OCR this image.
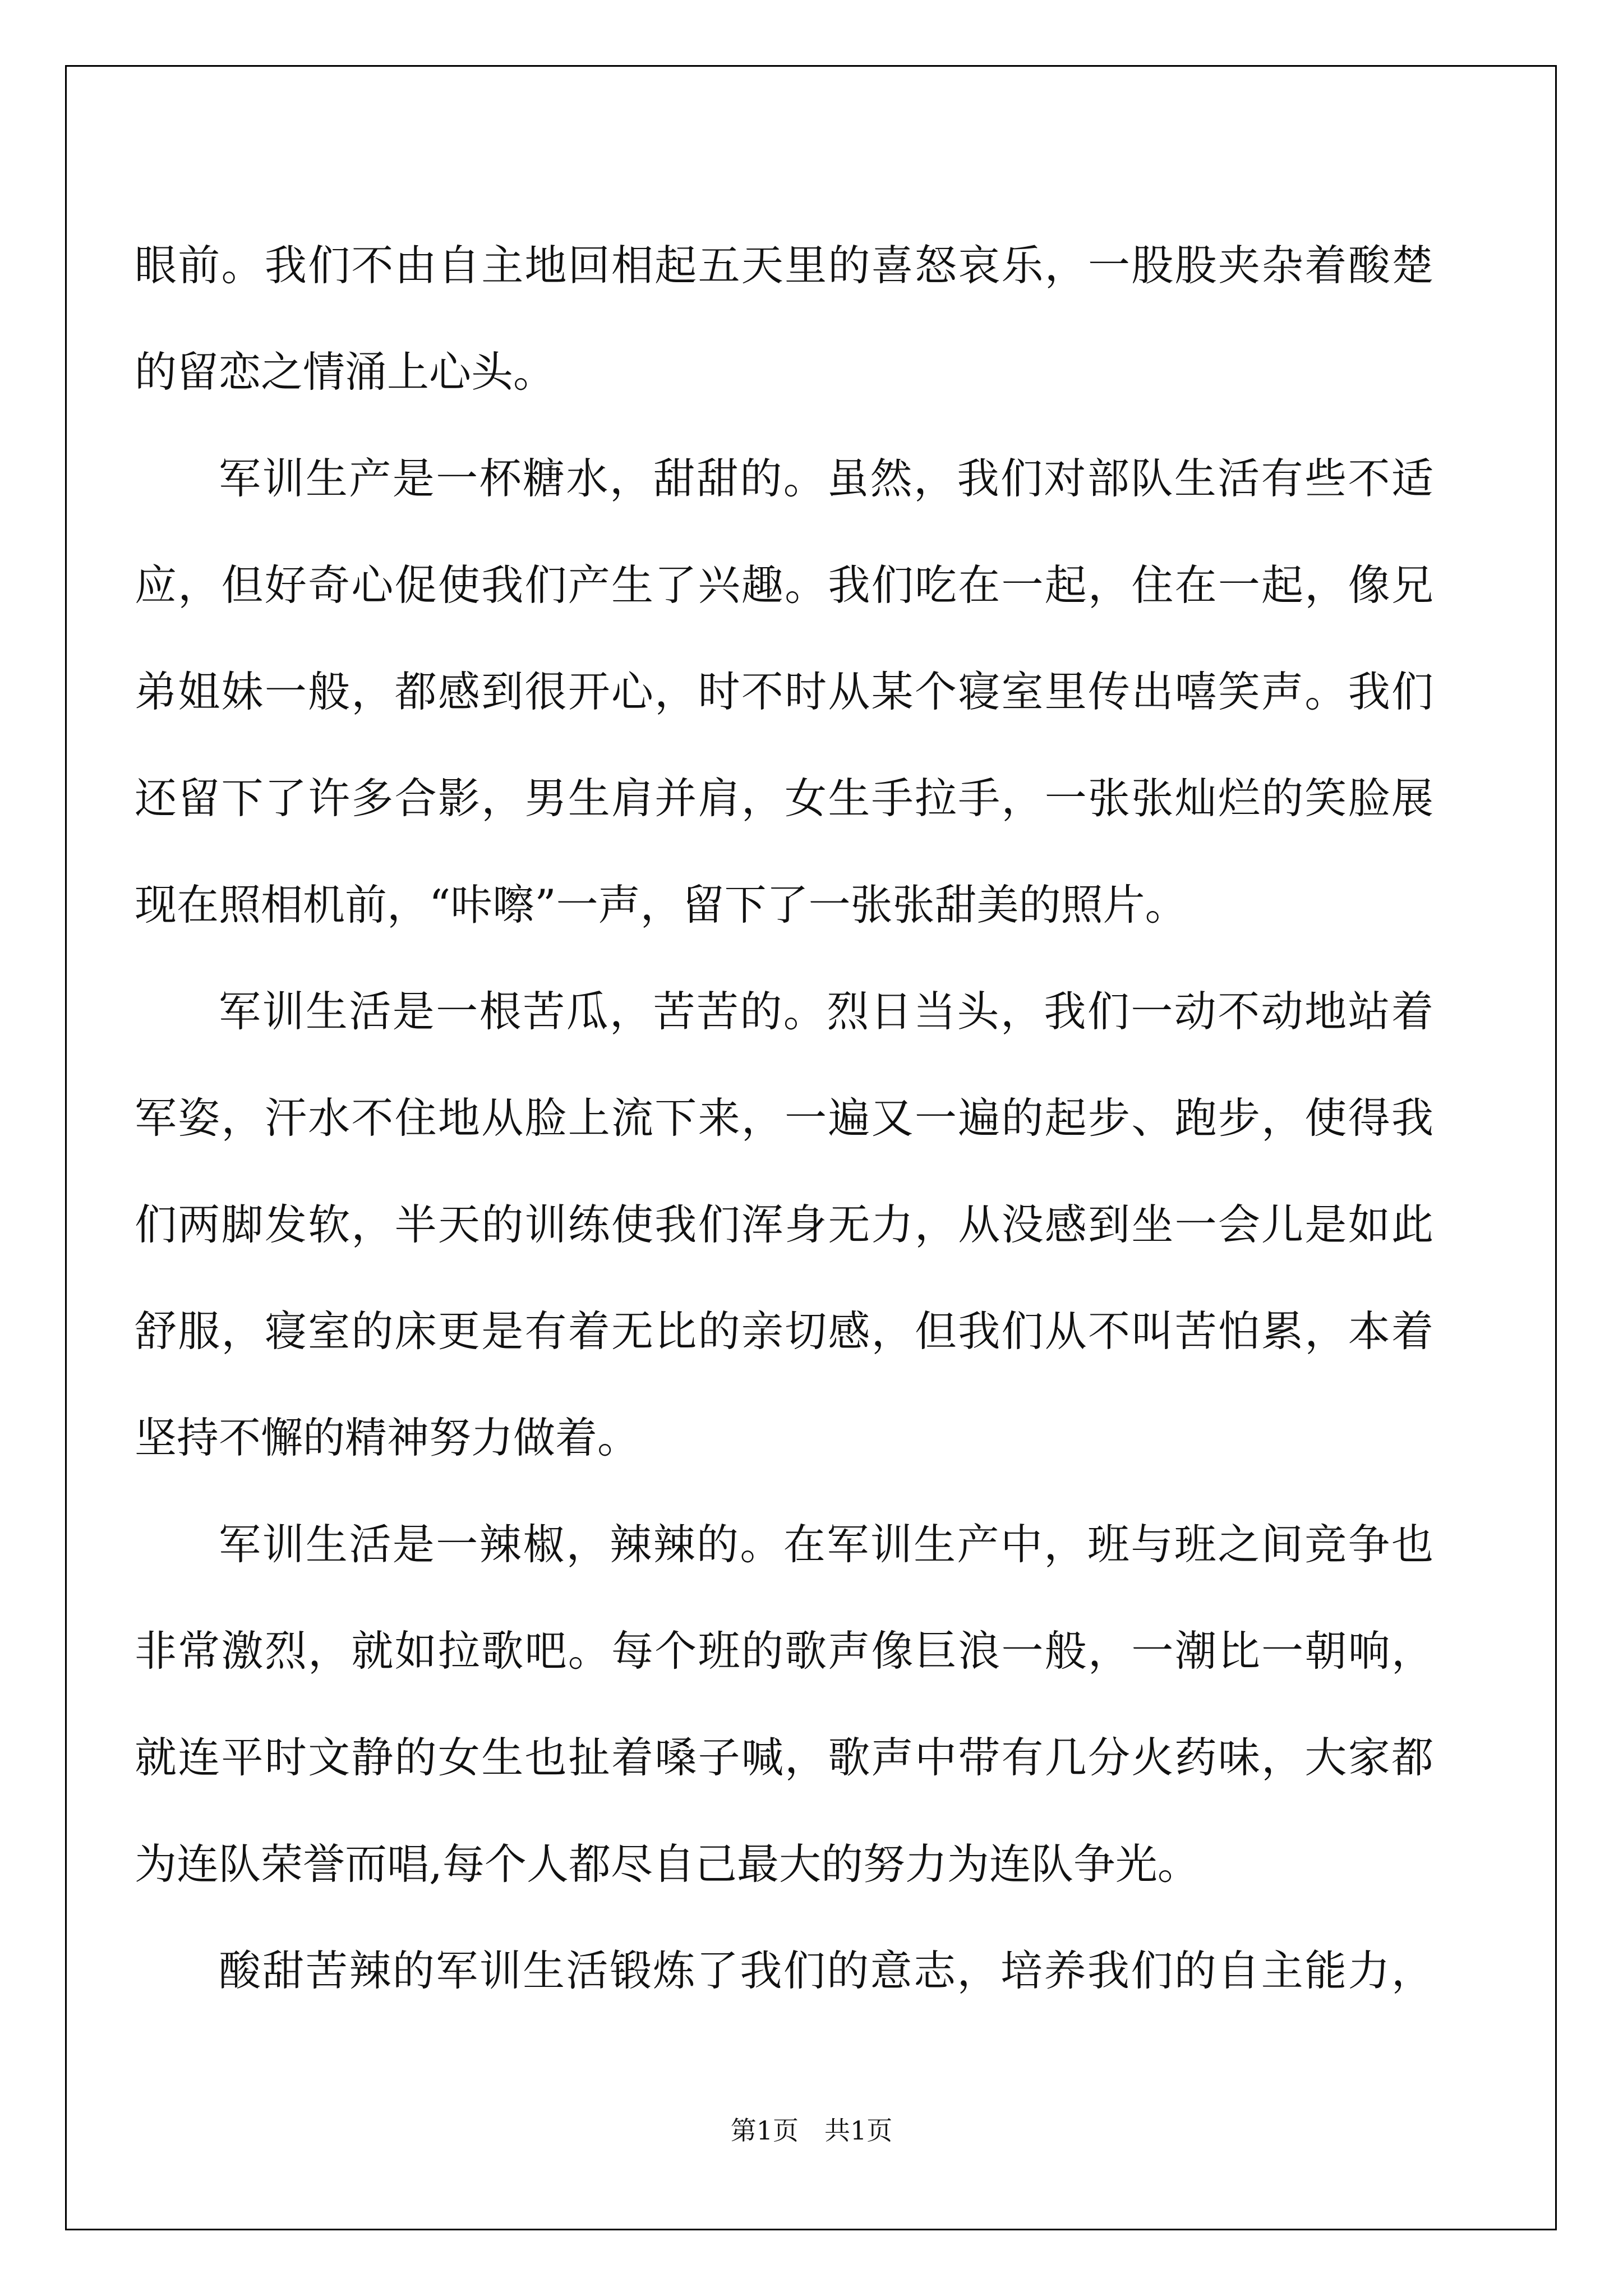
眼前。我们不由自主地回相起五天里的喜怒哀乐，一股股夹杂着酸楚
的留恋之情涌上心头。
军训生产是一杯糖水，甜甜的。虽然，我们对部队生活有些不适
应，但好奇心促使我们产生了兴趣。我们吃在一起，住在一起，像兄
弟姐妹一般，都感到很开心，时不时从某个寝室里传出嘻笑声。我们
还留下了许多合影，男生肩并肩，女生手拉手，一张张灿烂的笑脸展
现在照相机前，“咔嚓”一声，留下了一张张甜美的照片。
军训生活是一根苦瓜，苦苦的。烈日当头，我们一动不动地站着
军姿，汗水不住地从脸上流下来，一遍又一遍的起步、跑步，使得我
们两脚发软，半天的训练使我们浑身无力，从没感到坐一会儿是如此
舒服，寝室的床更是有着无比的亲切感，但我们从不叫苦怕累，本着
坚持不懈的精神努力做着。
军训生活是一辣椒，辣辣的。在军训生产中，班与班之间竞争也
非常激烈，就如拉歌吧。每个班的歌声像巨浪一般，一潮比一朝响，
就连平时文静的女生也扯着嗓子喊，歌声中带有几分火药味，大家都
为连队荣誉而唱,每个人都尽自己最大的努力为连队争光。
酸甜苦辣的军训生活锻炼了我们的意志，培养我们的自主能力，
第1页　共1页
